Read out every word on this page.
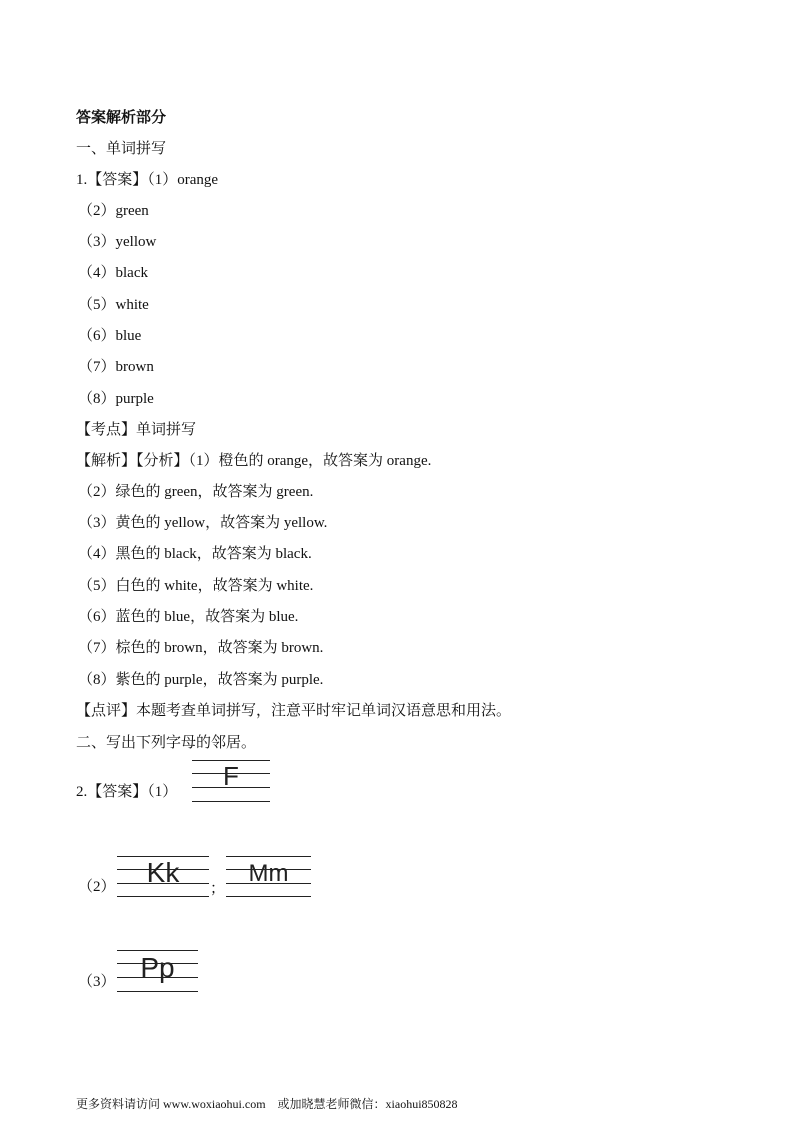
答案解析部分
一、单词拼写
1.【答案】（1）orange
（2）green
（3）yellow
（4）black
（5）white
（6）blue
（7）brown
（8）purple
【考点】单词拼写
【解析】【分析】（1）橙色的 orange，故答案为 orange.
（2）绿色的 green，故答案为 green.
（3）黄色的 yellow，故答案为 yellow.
（4）黑色的 black，故答案为 black.
（5）白色的 white，故答案为 white.
（6）蓝色的 blue，故答案为 blue.
（7）棕色的 brown，故答案为 brown.
（8）紫色的 purple，故答案为 purple.
【点评】本题考查单词拼写，注意平时牢记单词汉语意思和用法。
二、写出下列字母的邻居。
2.【答案】（1）
F
（2）	Kk
；
Mm
（3） Pp
更多资料请访问 www.woxiaohui.com　或加晓慧老师微信：xiaohui850828
